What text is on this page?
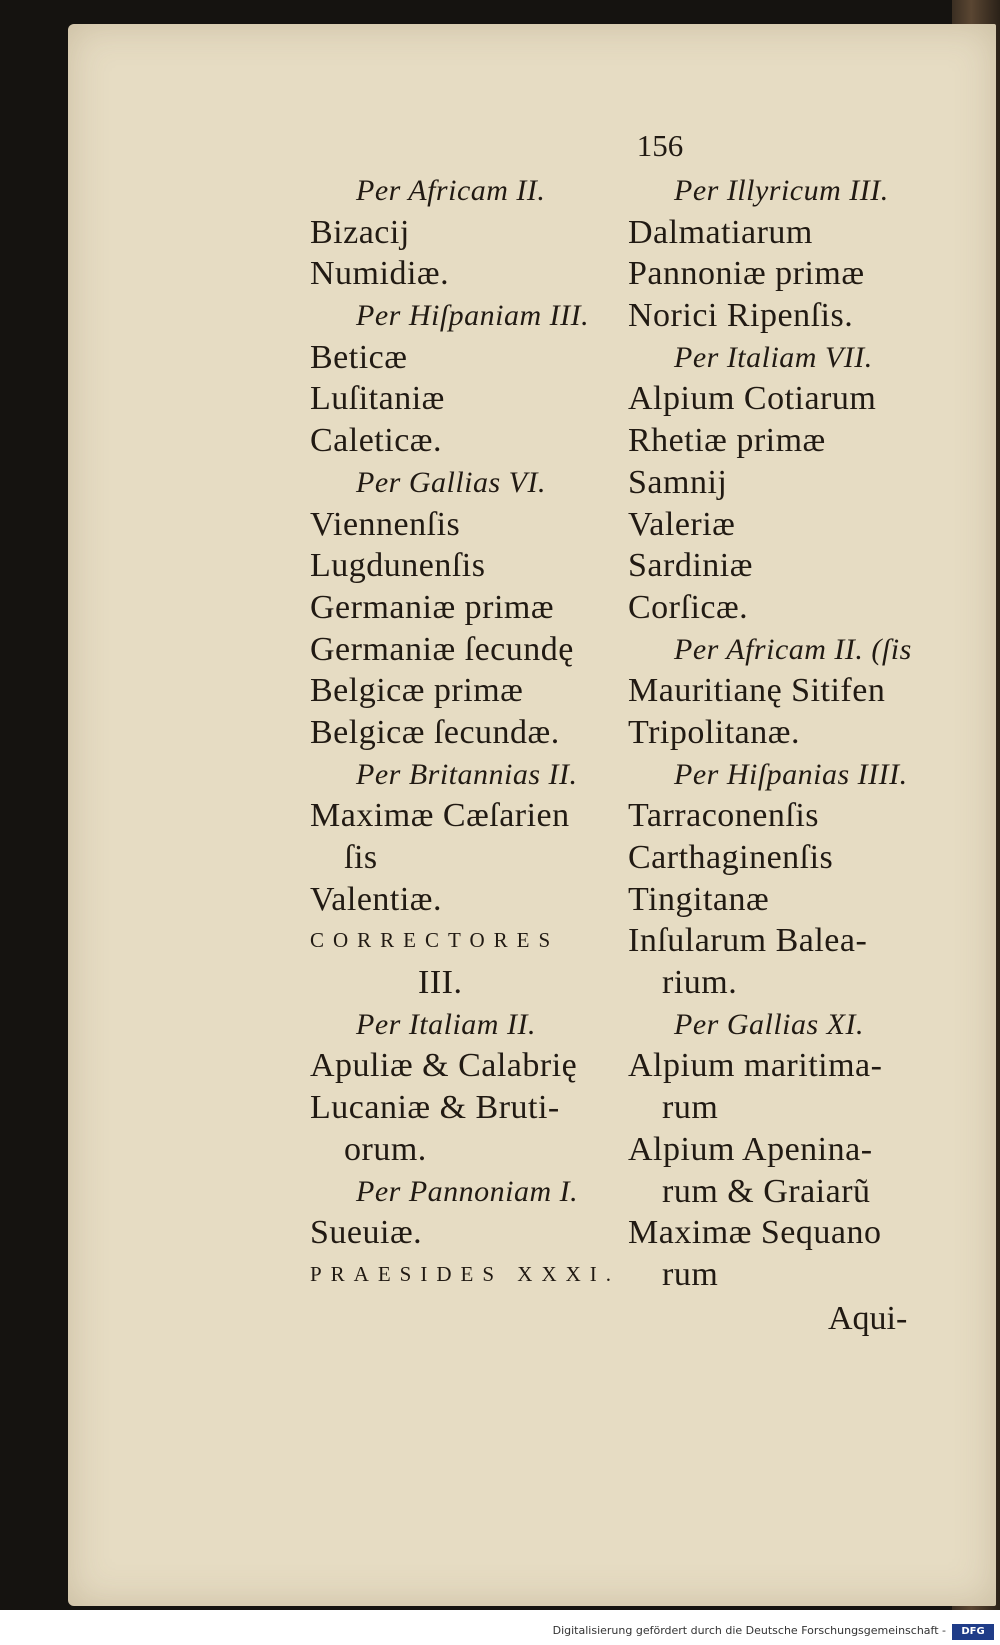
156
Per Africam II.
Bizacij
Numidiæ.
Per Hiſpaniam III.
Beticæ
Luſitaniæ
Caleticæ.
Per Gallias VI.
Viennenſis
Lugdunenſis
Germaniæ primæ
Germaniæ ſecundę
Belgicæ primæ
Belgicæ ſecundæ.
Per Britannias II.
Maximæ Cæſarien
ſis
Valentiæ.
CORRECTORES
III.
Per Italiam II.
Apuliæ & Calabrię
Lucaniæ & Bruti-
orum.
Per Pannoniam I.
Sueuiæ.
PRAESIDES XXXI.
Per Illyricum III.
Dalmatiarum
Pannoniæ primæ
Norici Ripenſis.
Per Italiam VII.
Alpium Cotiarum
Rhetiæ primæ
Samnij
Valeriæ
Sardiniæ
Corſicæ.
Per Africam II. (ſis
Mauritianę Sitifen
Tripolitanæ.
Per Hiſpanias IIII.
Tarraconenſis
Carthaginenſis
Tingitanæ
Inſularum Balea-
rium.
Per Gallias XI.
Alpium maritima-
rum
Alpium Apenina-
rum & Graiarũ
Maximæ Sequano
rum
Aqui-
Digitalisierung gefördert durch die Deutsche Forschungsgemeinschaft -	DFG
